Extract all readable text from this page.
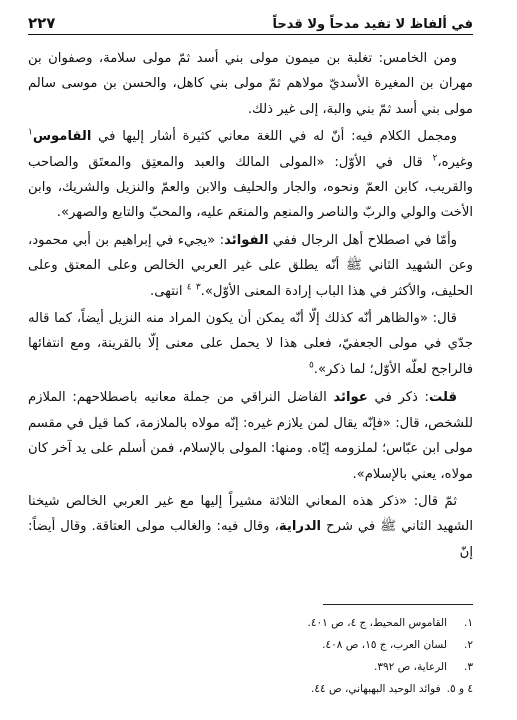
في ألفاظ لا تفيد مدحاً ولا قدحاً
٢٢٧

ومن الخامس: تغلبة بن ميمون مولى بني أسد ثمّ مولى سلامة، وصفوان بن مهران بن المغيرة الأسديّ مولاهم ثمّ مولى بني كاهل، والحسن بن موسى سالم مولى بني أسد ثمّ بني والبة، إلى غير ذلك.

ومجمل الكلام فيه: أنّ له في اللغة معاني كثيرة أشار إليها في القاموس$^١$ وغيره،$^٢$ قال في الأوّل: «المولى المالك والعبد والمعتِق والمعتَق والصاحب والقريب، كابن العمّ ونحوه، والجار والحليف والابن والعمّ والنزيل والشريك، وابن الأخت والولي والربّ والناصر والمنعِم والمنعَم عليه، والمحبّ والتابع والصهر».

وأمّا في اصطلاح أهل الرجال ففي الفوائد: «يجيء في إبراهيم بن أبي محمود، وعن الشهيد الثاني ﷺ أنّه يطلق على غير العربي الخالص وعلى المعتق وعلى الحليف، والأكثر في هذا الباب إرادة المعنى الأوّل».$^٣$ $^٤$ انتهى.

قال: «والظاهر أنّه كذلك إلّا أنّه يمكن أن يكون المراد منه النزيل أيضاً، كما قاله جدّي في مولى الجعفيّ، فعلى هذا لا يحمل على معنى إلّا بالقرينة، ومع انتفائها فالراجح لعلّه الأوّل؛ لما ذكر».$^٥$

قلت: ذكر في عوائد الفاضل النراقي من جملة معانيه باصطلاحهم: الملازم للشخص، قال: «فإنّه يقال لمن يلازم غيره: إنّه مولاه بالملازمة، كما قيل في مقسم مولى ابن عبّاس؛ لملزومه إيّاه. ومنها: المولى بالإسلام، فمن أسلم على يد آخر كان مولاه، يعني بالإسلام».

ثمّ قال: «ذكر هذه المعاني الثلاثة مشيراً إليها مع غير العربي الخالص شيخنا الشهيد الثاني ﷺ في شرح الدراية، وقال فيه: والغالب مولى العتاقة. وقال أيضاً: إنّ

١.
القاموس المحيط، ج ٤، ص ٤٠١.
٢.
لسان العرب، ج ١٥، ص ٤٠٨.
٣.
الرعاية، ص ٣٩٢.
٤ و ٥.
فوائد الوحيد البهبهاني، ص ٤٤.
